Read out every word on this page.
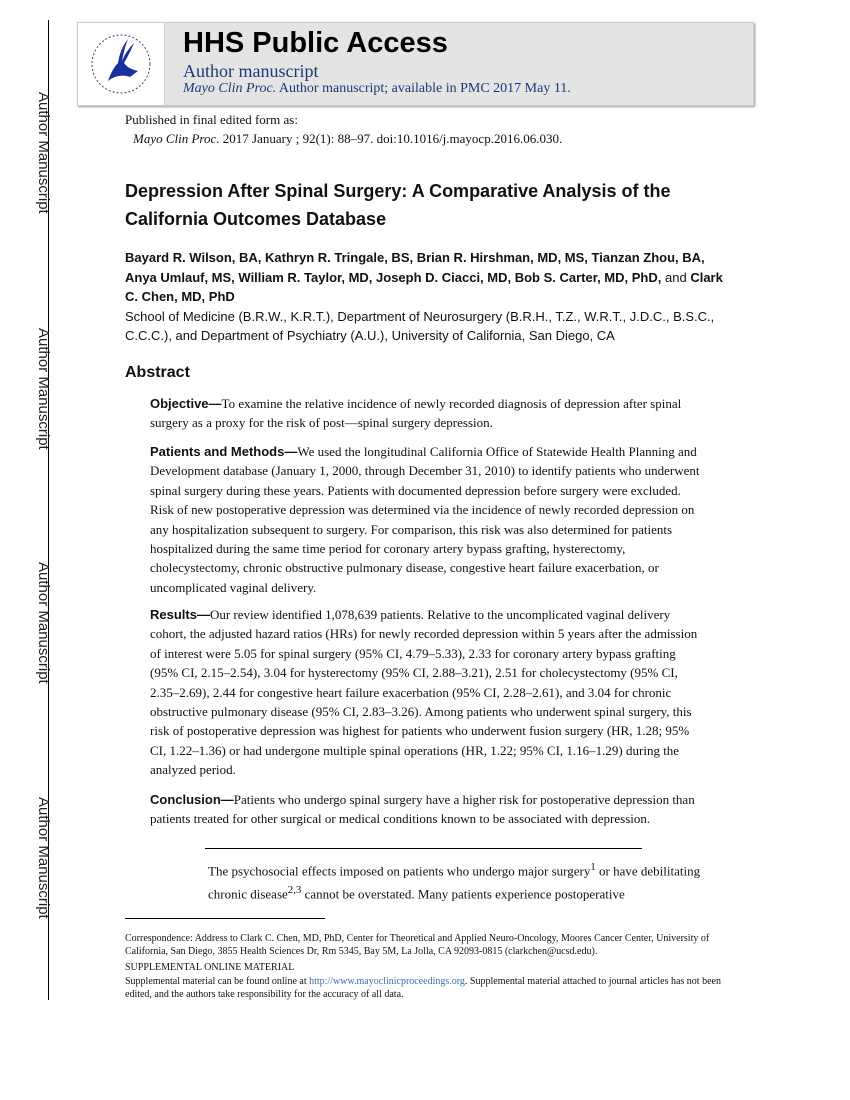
Author Manuscript
Author Manuscript
Author Manuscript
Author Manuscript
HHS Public Access
Author manuscript
Mayo Clin Proc. Author manuscript; available in PMC 2017 May 11.
Published in final edited form as:
Mayo Clin Proc. 2017 January ; 92(1): 88–97. doi:10.1016/j.mayocp.2016.06.030.
Depression After Spinal Surgery: A Comparative Analysis of the California Outcomes Database
Bayard R. Wilson, BA, Kathryn R. Tringale, BS, Brian R. Hirshman, MD, MS, Tianzan Zhou, BA, Anya Umlauf, MS, William R. Taylor, MD, Joseph D. Ciacci, MD, Bob S. Carter, MD, PhD, and Clark C. Chen, MD, PhD
School of Medicine (B.R.W., K.R.T.), Department of Neurosurgery (B.R.H., T.Z., W.R.T., J.D.C., B.S.C., C.C.C.), and Department of Psychiatry (A.U.), University of California, San Diego, CA
Abstract
Objective—To examine the relative incidence of newly recorded diagnosis of depression after spinal surgery as a proxy for the risk of post—spinal surgery depression.
Patients and Methods—We used the longitudinal California Office of Statewide Health Planning and Development database (January 1, 2000, through December 31, 2010) to identify patients who underwent spinal surgery during these years. Patients with documented depression before surgery were excluded. Risk of new postoperative depression was determined via the incidence of newly recorded depression on any hospitalization subsequent to surgery. For comparison, this risk was also determined for patients hospitalized during the same time period for coronary artery bypass grafting, hysterectomy, cholecystectomy, chronic obstructive pulmonary disease, congestive heart failure exacerbation, or uncomplicated vaginal delivery.
Results—Our review identified 1,078,639 patients. Relative to the uncomplicated vaginal delivery cohort, the adjusted hazard ratios (HRs) for newly recorded depression within 5 years after the admission of interest were 5.05 for spinal surgery (95% CI, 4.79–5.33), 2.33 for coronary artery bypass grafting (95% CI, 2.15–2.54), 3.04 for hysterectomy (95% CI, 2.88–3.21), 2.51 for cholecystectomy (95% CI, 2.35–2.69), 2.44 for congestive heart failure exacerbation (95% CI, 2.28–2.61), and 3.04 for chronic obstructive pulmonary disease (95% CI, 2.83–3.26). Among patients who underwent spinal surgery, this risk of postoperative depression was highest for patients who underwent fusion surgery (HR, 1.28; 95% CI, 1.22–1.36) or had undergone multiple spinal operations (HR, 1.22; 95% CI, 1.16–1.29) during the analyzed period.
Conclusion—Patients who undergo spinal surgery have a higher risk for postoperative depression than patients treated for other surgical or medical conditions known to be associated with depression.
The psychosocial effects imposed on patients who undergo major surgery$^1$ or have debilitating chronic disease$^{2,3}$ cannot be overstated. Many patients experience postoperative
Correspondence: Address to Clark C. Chen, MD, PhD, Center for Theoretical and Applied Neuro-Oncology, Moores Cancer Center, University of California, San Diego, 3855 Health Sciences Dr, Rm 5345, Bay 5M, La Jolla, CA 92093-0815 (clarkchen@ucsd.edu).
SUPPLEMENTAL ONLINE MATERIAL
Supplemental material can be found online at http://www.mayoclinicproceedings.org. Supplemental material attached to journal articles has not been edited, and the authors take responsibility for the accuracy of all data.
